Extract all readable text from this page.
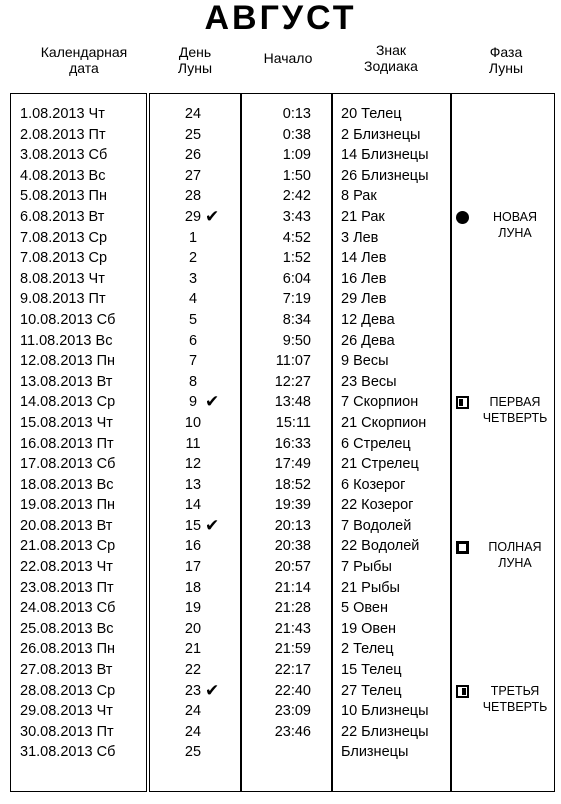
АВГУСТ
Календарная
дата
День
Луны
Начало	Знак
Зодиака
Фаза
Луны
1.08.2013 Чт
2.08.2013 Пт
3.08.2013 Сб
4.08.2013 Вс
5.08.2013 Пн
6.08.2013 Вт
7.08.2013 Ср
7.08.2013 Ср
8.08.2013 Чт
9.08.2013 Пт
10.08.2013 Сб
11.08.2013 Вс
12.08.2013 Пн
13.08.2013 Вт
14.08.2013 Ср
15.08.2013 Чт
16.08.2013 Пт
17.08.2013 Сб
18.08.2013 Вс
19.08.2013 Пн
20.08.2013 Вт
21.08.2013 Ср
22.08.2013 Чт
23.08.2013 Пт
24.08.2013 Сб
25.08.2013 Вс
26.08.2013 Пн
27.08.2013 Вт
28.08.2013 Ср
29.08.2013 Чт
30.08.2013 Пт
31.08.2013 Сб
24
25
26
27
28
29 ✔
1
2
3
4
5
6
7
8
9 ✔
10
11
12
13
14
15 ✔
16
17
18
19
20
21
22
23 ✔
24
24
25
0:13
0:38
1:09
1:50
2:42
3:43
4:52
1:52
6:04
7:19
8:34
9:50
11:07
12:27
13:48
15:11
16:33
17:49
18:52
19:39
20:13
20:38
20:57
21:14
21:28
21:43
21:59
22:17
22:40
23:09
23:46
20 Телец
2 Близнецы
14 Близнецы
26 Близнецы
8 Рак
21 Рак
3 Лев
14 Лев
16 Лев
29 Лев
12 Дева
26 Дева
9 Весы
23 Весы
7 Скорпион
21 Скорпион
6 Стрелец
21 Стрелец
6 Козерог
22 Козерог
7 Водолей
22 Водолей
7 Рыбы
21 Рыбы
5 Овен
19 Овен
2 Телец
15 Телец
27 Телец
10 Близнецы
22 Близнецы
Близнецы
НОВАЯ
ЛУНА
ПЕРВАЯ
ЧЕТВЕРТЬ
ПОЛНАЯ
ЛУНА
ТРЕТЬЯ
ЧЕТВЕРТЬ
